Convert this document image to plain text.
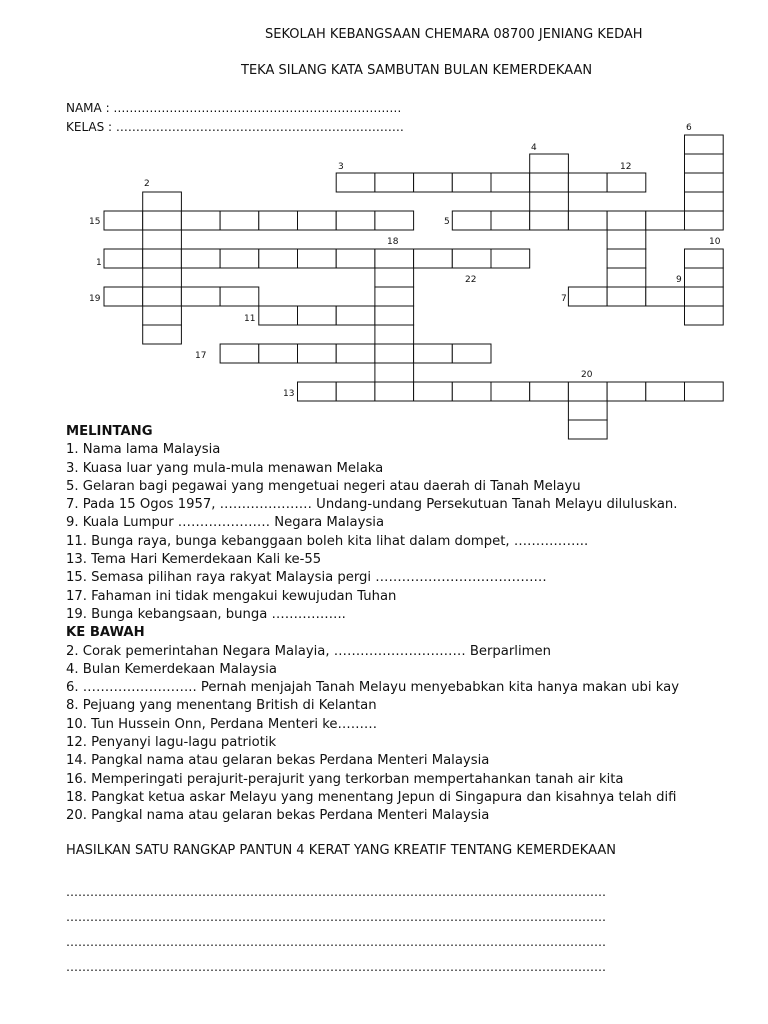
SEKOLAH KEBANGSAAN CHEMARA 08700 JENIANG KEDAH
TEKA SILANG KATA SAMBUTAN BULAN KEMERDEKAAN
NAMA : ………………………………………………………………
KELAS : ………………………………………………………………
1
2
3
4
5
6
7
9
10
11
12
13
15
17
18
19
20
22
MELINTANG
1. Nama lama Malaysia
3. Kuasa luar yang mula-mula menawan Melaka
5. Gelaran bagi pegawai yang mengetuai negeri atau daerah di Tanah Melayu
7. Pada 15 Ogos 1957, ………………… Undang-undang Persekutuan Tanah Melayu diluluskan.
9. Kuala Lumpur ………………… Negara Malaysia
11. Bunga raya, bunga kebanggaan boleh kita lihat dalam dompet, ……………..
13. Tema Hari Kemerdekaan Kali ke-55
15. Semasa pilihan raya rakyat Malaysia pergi …………………………………
17. Fahaman ini tidak mengakui kewujudan Tuhan
19. Bunga kebangsaan, bunga ……………..
KE BAWAH
2. Corak pemerintahan Negara Malayia, ………………………… Berparlimen
4. Bulan Kemerdekaan Malaysia
6. …………………….. Pernah menjajah Tanah Melayu menyebabkan kita hanya makan ubi kay
8. Pejuang yang menentang British di Kelantan
10. Tun Hussein Onn, Perdana Menteri ke………
12. Penyanyi lagu-lagu patriotik
14. Pangkal nama atau gelaran bekas Perdana Menteri Malaysia
16. Memperingati perajurit-perajurit yang terkorban mempertahankan tanah air kita
18. Pangkat ketua askar Melayu yang menentang Jepun di Singapura dan kisahnya telah difi
20. Pangkal nama atau gelaran bekas Perdana Menteri Malaysia
HASILKAN SATU RANGKAP PANTUN 4 KERAT YANG KREATIF TENTANG KEMERDEKAAN
………………………………………………………………………………………………………………………
………………………………………………………………………………………………………………………
………………………………………………………………………………………………………………………
………………………………………………………………………………………………………………………
